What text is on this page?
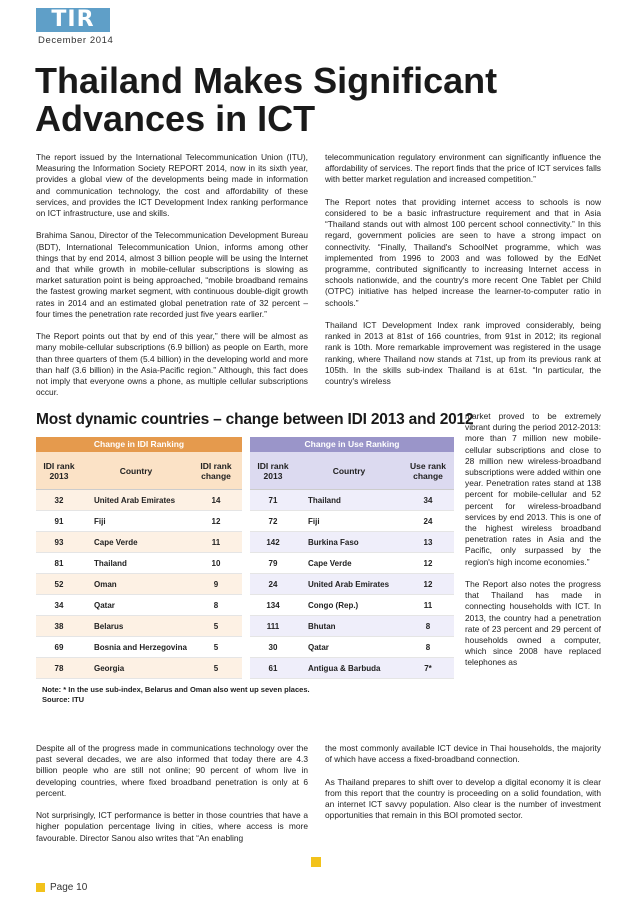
TIR
December 2014
Thailand Makes Significant Advances in ICT

The report issued by the International Telecommunication Union (ITU), Measuring the Information Society REPORT 2014, now in its sixth year, provides a global view of the developments being made in information and communication technology, the cost and affordability of these services, and provides the ICT Development Index ranking performance on ICT infrastructure, use and skills.

Brahima Sanou, Director of the Telecommunication Development Bureau (BDT), International Telecommunication Union, informs among other things that by end 2014, almost 3 billion people will be using the Internet and that while growth in mobile-cellular subscriptions is slowing as market saturation point is being approached, “mobile broadband remains the fastest growing market segment, with continuous double-digit growth rates in 2014 and an estimated global penetration rate of 32 percent – four times the penetration rate recorded just five years earlier.”

The Report points out that by end of this year,” there will be almost as many mobile-cellular subscriptions (6.9 billion) as people on Earth, more than three quarters of them (5.4 billion) in the developing world and more than half (3.6 billion) in the Asia-Pacific region.” Although, this fact does not imply that everyone owns a phone, as multiple cellular subscriptions occur.

telecommunication regulatory environment can significantly influence the affordability of services. The report finds that the price of ICT services falls with better market regulation and increased competition.”

The Report notes that providing internet access to schools is now considered to be a basic infrastructure requirement and that in Asia “Thailand stands out with almost 100 percent school connectivity.” In this regard, government policies are seen to have a strong impact on connectivity. “Finally, Thailand's SchoolNet programme, which was implemented from 1996 to 2003 and was followed by the EdNet programme, contributed significantly to increasing Internet access in schools nationwide, and the country's more recent One Tablet per Child (OTPC) initiative has helped increase the learner-to-computer ratio in schools.”

Thailand ICT Development Index rank improved considerably, being ranked in 2013 at 81st of 166 countries, from 91st in 2012; its regional rank is 10th. More remarkable improvement was registered in the usage ranking, where Thailand now stands at 71st, up from its previous rank at 105th. In the skills sub-index Thailand is at 61st. “In particular, the country's wireless

Most dynamic countries – change between IDI 2013 and 2012
Change in IDI Ranking
IDI rank 2013	Country	IDI rank change
32	United Arab Emirates	14
91	Fiji	12
93	Cape Verde	11
81	Thailand	10
52	Oman	9
34	Qatar	8
38	Belarus	5
69	Bosnia and Herzegovina	5
78	Georgia	5
Change in Use Ranking
IDI rank 2013	Country	Use rank change
71	Thailand	34
72	Fiji	24
142	Burkina Faso	13
79	Cape Verde	12
24	United Arab Emirates	12
134	Congo (Rep.)	11
111	Bhutan	8
30	Qatar	8
61	Antigua & Barbuda	7*
Note: * In the use sub-index, Belarus and Oman also went up seven places.
Source: ITU

market proved to be extremely vibrant during the period 2012-2013: more than 7 million new mobile-cellular subscriptions and close to 28 million new wireless-broadband subscriptions were added within one year. Penetration rates stand at 138 percent for mobile-cellular and 52 percent for wireless-broadband services by end 2013. This is one of the highest wireless broadband penetration rates in Asia and the Pacific, only surpassed by the region's high income economies.”

The Report also notes the progress that Thailand has made in connecting households with ICT. In 2013, the country had a penetration rate of 23 percent and 29 percent of households owned a computer, which since 2008 have replaced telephones as

Despite all of the progress made in communications technology over the past several decades, we are also informed that today there are 4.3 billion people who are still not online; 90 percent of whom live in developing countries, where fixed broadband penetration is only at 6 percent.

Not surprisingly, ICT performance is better in those countries that have a higher population percentage living in cities, where access is more favourable. Director Sanou also writes that “An enabling

the most commonly available ICT device in Thai households, the majority of which have access a fixed-broadband connection.

As Thailand prepares to shift over to develop a digital economy it is clear from this report that the country is proceeding on a solid foundation, with an internet ICT savvy population. Also clear is the number of investment opportunities that remain in this BOI promoted sector.

Page 10
